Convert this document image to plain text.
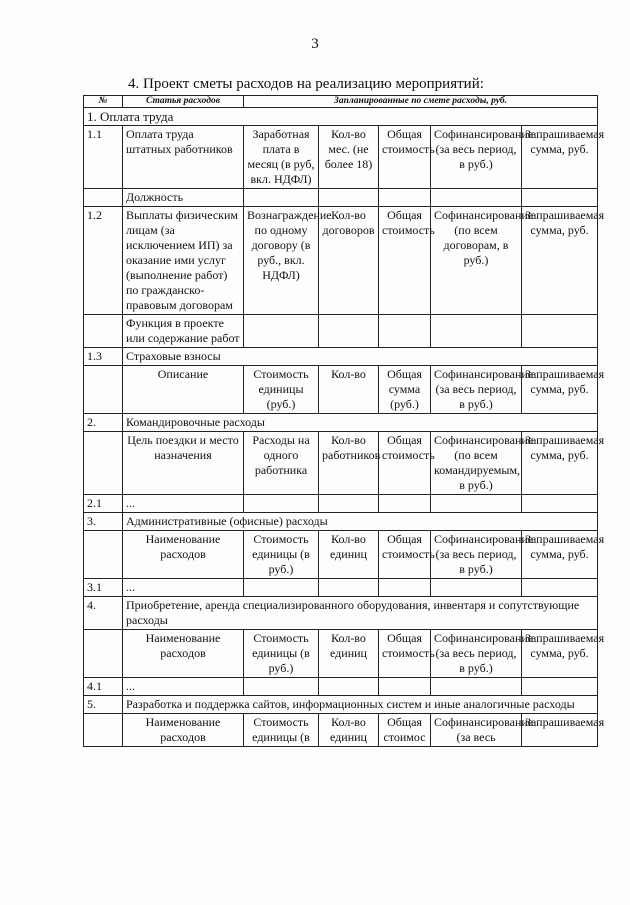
3
4. Проект сметы расходов на реализацию мероприятий:
№	Статья расходов	Запланированные по смете расходы, руб.				
1. Оплата труда						
1.1	Оплата труда штатных работников	Заработная плата в месяц (в руб, вкл. НДФЛ)	Кол-во мес. (не более 18)	Общая стоимость	Софинансирование (за весь период, в руб.)	Запрашиваемая сумма, руб.
	Должность					
1.2	Выплаты физическим лицам (за исключением ИП) за оказание ими услуг (выполнение работ) по гражданско-правовым договорам	Вознаграждение по одному договору (в руб., вкл. НДФЛ)	Кол-во договоров	Общая стоимость	Софинансирование (по всем договорам, в руб.)	Запрашиваемая сумма, руб.
	Функция в проекте или содержание работ					
1.3	Страховые взносы					
	Описание	Стоимость единицы (руб.)	Кол-во	Общая сумма (руб.)	Софинансирование (за весь период, в руб.)	Запрашиваемая сумма, руб.
2.	Командировочные расходы					
	Цель поездки и место назначения	Расходы на одного работника	Кол-во работников	Общая стоимость	Софинансирование (по всем командируемым, в руб.)	Запрашиваемая сумма, руб.
2.1	...					
3.	Административные (офисные) расходы					
	Наименование расходов	Стоимость единицы (в руб.)	Кол-во единиц	Общая стоимость	Софинансирование (за весь период, в руб.)	Запрашиваемая сумма, руб.
3.1	...					
4.	Приобретение, аренда специализированного оборудования, инвентаря и сопутствующие расходы					
	Наименование расходов	Стоимость единицы (в руб.)	Кол-во единиц	Общая стоимость	Софинансирование (за весь период, в руб.)	Запрашиваемая сумма, руб.
4.1	...					
5.	Разработка и поддержка сайтов, информационных систем и иные аналогичные расходы					
	Наименование расходов	Стоимость единицы (в	Кол-во единиц	Общая стоимос	Софинансирование (за весь	Запрашиваемая
